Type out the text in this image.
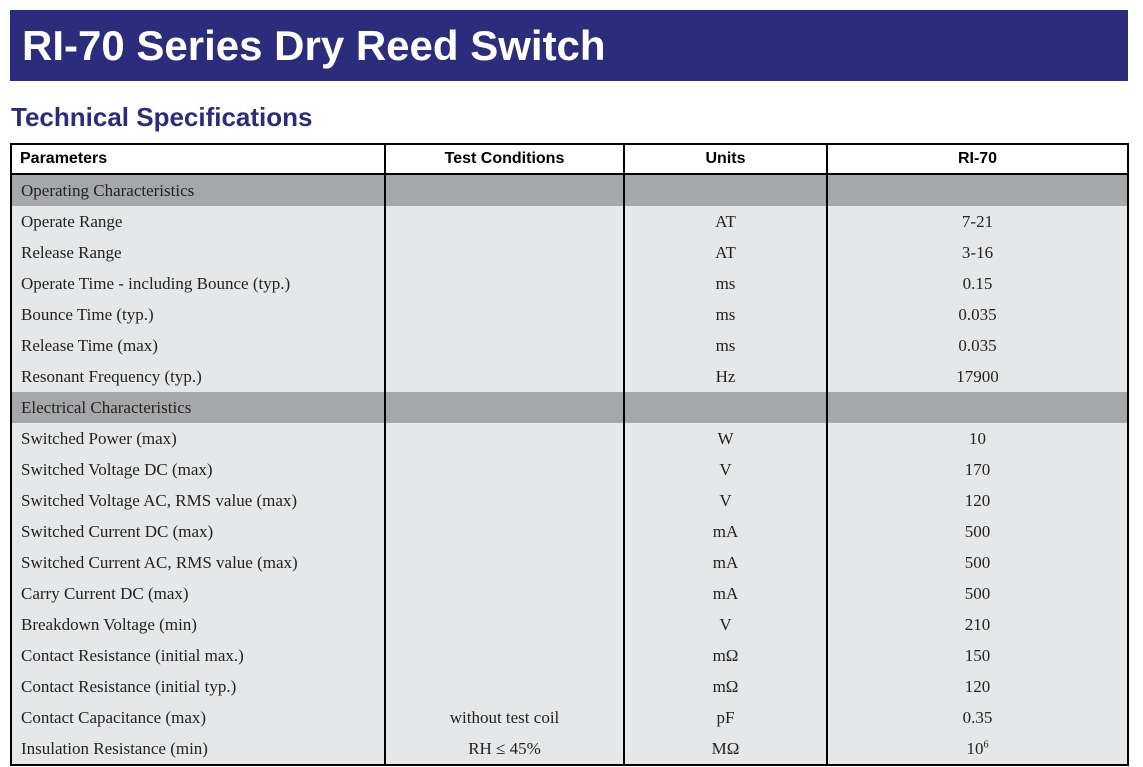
RI-70 Series Dry Reed Switch
Technical Specifications
Parameters	Test Conditions	Units	RI-70
Operating Characteristics			
Operate Range		AT	7-21
Release Range		AT	3-16
Operate Time - including Bounce (typ.)		ms	0.15
Bounce Time (typ.)		ms	0.035
Release Time (max)		ms	0.035
Resonant Frequency (typ.)		Hz	17900
Electrical Characteristics			
Switched Power (max)		W	10
Switched Voltage DC (max)		V	170
Switched Voltage AC, RMS value (max)		V	120
Switched Current DC (max)		mA	500
Switched Current AC, RMS value (max)		mA	500
Carry Current DC (max)		mA	500
Breakdown Voltage (min)		V	210
Contact Resistance (initial max.)		mΩ	150
Contact Resistance (initial typ.)		mΩ	120
Contact Capacitance (max)	without test coil	pF	0.35
Insulation Resistance (min)	RH ≤ 45%	MΩ	$10^6$
